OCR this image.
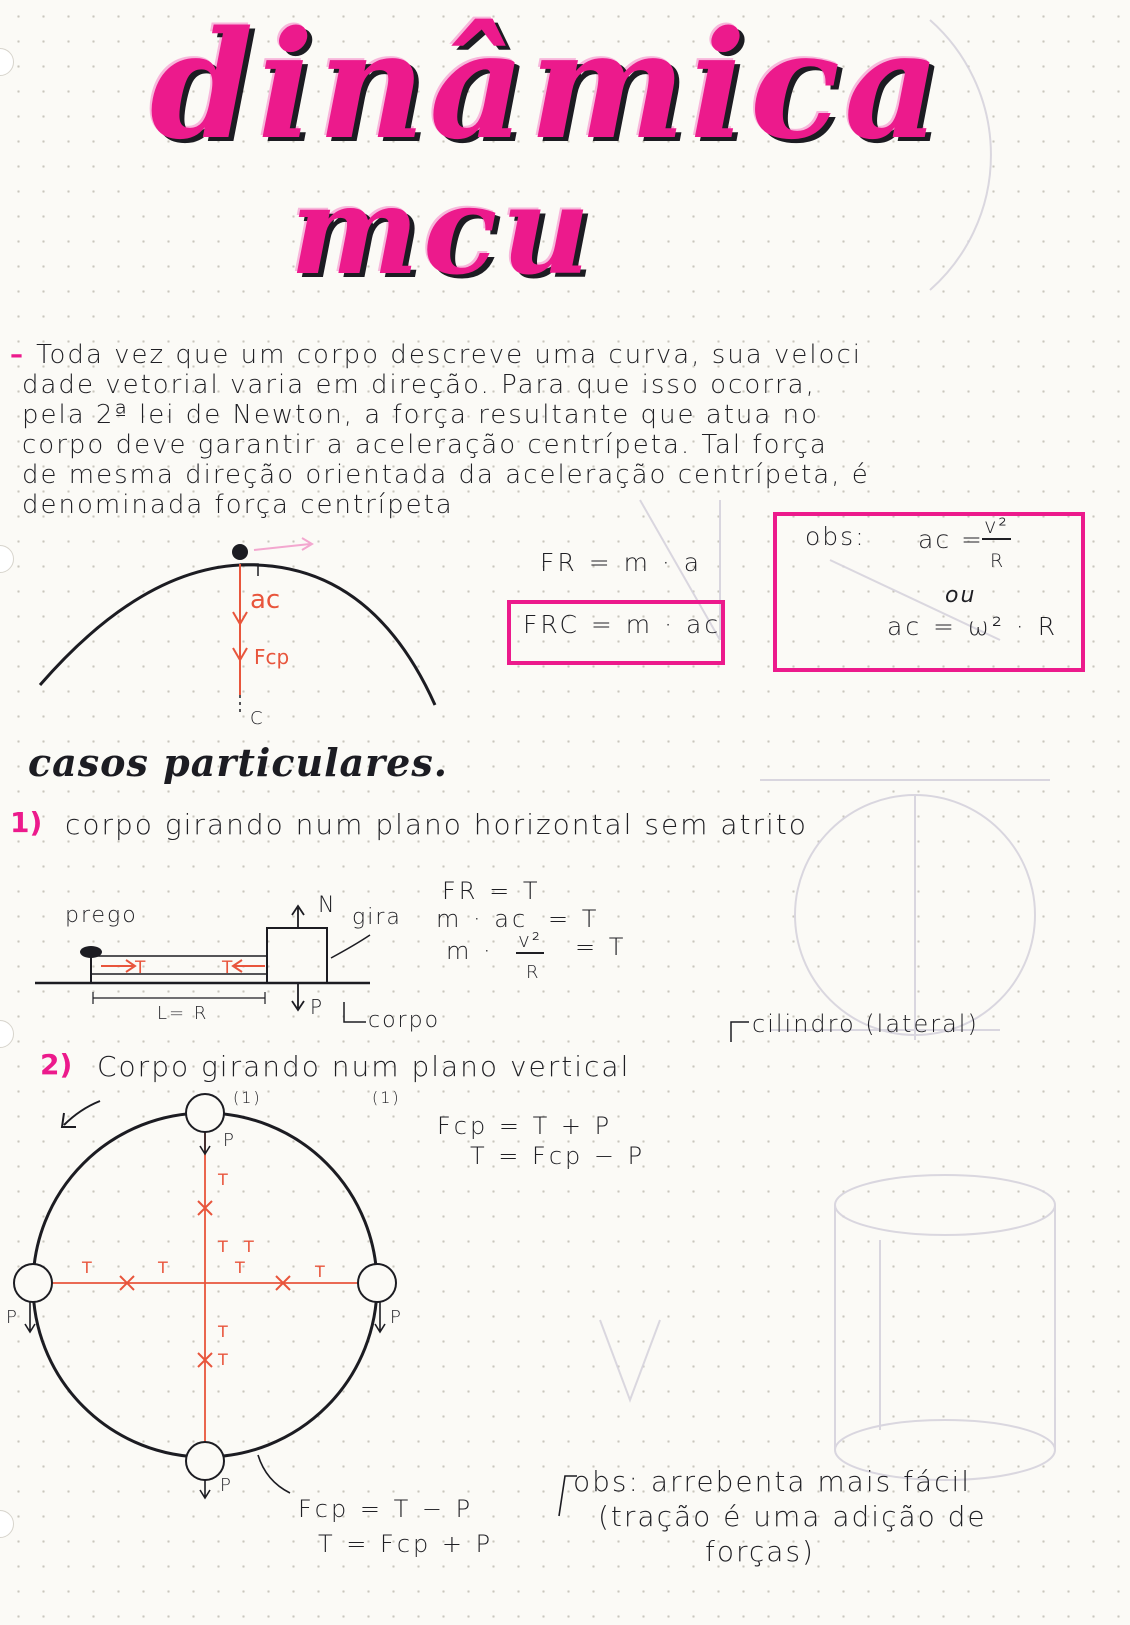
dinâmica
mcu
– Toda vez que um corpo descreve uma curva, sua veloci
dade vetorial varia em direção. Para que isso ocorra,
pela 2ª lei de Newton, a força resultante que atua no
corpo deve garantir a aceleração centrípeta. Tal força
de mesma direção orientada da aceleração centrípeta, é
denominada força centrípeta
ac
Fcp
C
FR = m · a
FRC = m · ac
obs: ac = v²
R
ou
ac = ω² · R
casos particulares.
1) corpo girando num plano horizontal sem atrito
prego
T	T
N gira
P
L= R	corpo
FR = T
m · ac = T
m · v²
R
= T
cilindro (lateral)
2) Corpo girando num plano vertical
(1)	(1)
P
P	P
P
T
T T
T
T
T	T	T	T
Fcp = T + P
T = Fcp − P
Fcp = T − P
T = Fcp + P
obs: arrebenta mais fácil
(tração é uma adição de
forças)
